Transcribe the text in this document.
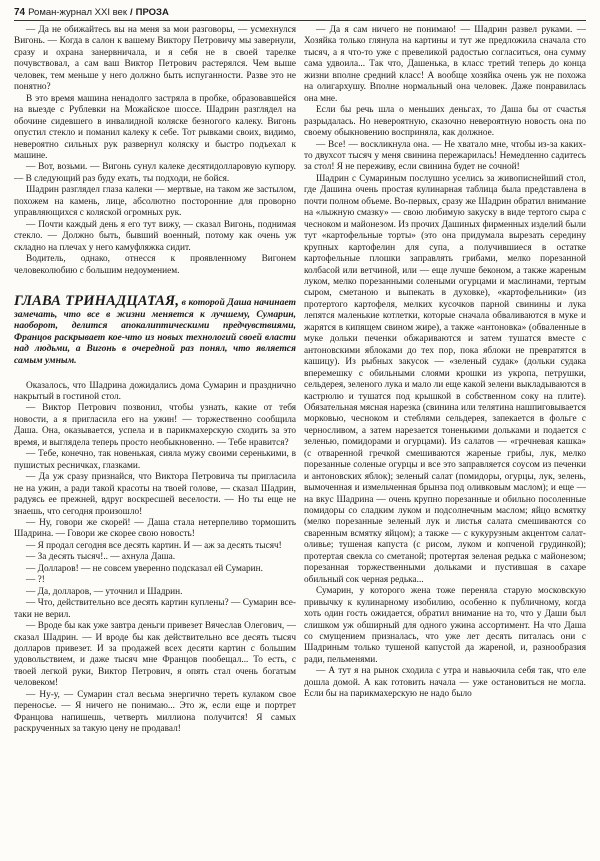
74 Роман-журнал XXI век / ПРОЗА

— Да не обижайтесь вы на меня за мои разговоры, — усмехнулся Вигонь. — Когда в салон к вашему Виктору Петровичу мы завернули, сразу и охрана занервничала, и я себя не в своей тарелке почувствовал, а сам ваш Виктор Петрович растерялся. Чем выше человек, тем меньше у него должно быть испуганности. Разве это не понятно?

В это время машина ненадолго застряла в пробке, образовавшейся на выезде с Рублевки на Можайское шоссе. Шадрин разглядел на обочине сидевшего в инвалидной коляске безногого калеку. Вигонь опустил стекло и поманил калеку к себе. Тот рывками своих, видимо, невероятно сильных рук развернул коляску и быстро подъехал к машине.

— Вот, возьми. — Вигонь сунул калеке десятидолларовую купюру. — В следующий раз буду ехать, ты подходи, не бойся.

Шадрин разглядел глаза калеки — мертвые, на таком же застылом, похожем на камень, лице, абсолютно посторонние для проворно управляющихся с коляской огромных рук.

— Почти каждый день я его тут вижу, — сказал Вигонь, поднимая стекло. — Должно быть, бывший военный, потому как очень уж складно на плечах у него камуфляжка сидит.

Водитель, однако, отнесся к проявленному Вигонем человеколюбию с большим недоумением.

ГЛАВА ТРИНАДЦАТАЯ, в которой Даша начинает замечать, что все в жизни меняется к лучшему, Сумарин, наоборот, делится апокалиптическими предчувствиями, Францов раскрывает кое-что из новых технологий своей власти над людьми, а Вигонь в очередной раз понял, что является самым умным.

Оказалось, что Шадрина дожидались дома Сумарин и празднично накрытый в гостиной стол.

— Виктор Петрович позвонил, чтобы узнать, какие от тебя новости, а я пригласила его на ужин! — торжественно сообщила Даша. Она, оказывается, успела и в парикмахерскую сходить за это время, и выглядела теперь просто необыкновенно. — Тебе нравится?

— Тебе, конечно, так новенькая, сияла мужу своими серенькими, в пушистых ресничках, глазками.

— Да уж сразу признайся, что Виктора Петровича ты пригласила не на ужин, а ради такой красоты на твоей голове, — сказал Шадрин, радуясь ее прежней, вдруг воскресшей веселости. — Но ты еще не знаешь, что сегодня произошло!

— Ну, говори же скорей! — Даша стала нетерпеливо тормошить Шадрина. — Говори же скорее свою новость!

— Я продал сегодня все десять картин. И — аж за десять тысяч!

— За десять тысяч!.. — ахнула Даша.

— Долларов! — не совсем уверенно подсказал ей Сумарин.

— ?!

— Да, долларов, — уточнил и Шадрин.

— Что, действительно все десять картин куплены? — Сумарин все-таки не верил.

— Вроде бы как уже завтра деньги привезет Вячеслав Олегович, — сказал Шадрин. — И вроде бы как действительно все десять тысяч долларов привезет. И за продажей всех десяти картин с большим удовольствием, и даже тысяч мне Францов пообещал... То есть, с твоей легкой руки, Виктор Петрович, я опять стал очень богатым человеком!

— Ну-у, — Сумарин стал весьма энергично тереть кулаком свое переносье. — Я ничего не понимаю... Это ж, если еще и портрет Францова напишешь, четверть миллиона получится! Я самых раскрученных за такую цену не продавал!

— Да я сам ничего не понимаю! — Шадрин развел руками. — Хозяйка только глянула на картины и тут же предложила сначала сто тысяч, а я что-то уже с превеликой радостью согласиться, она сумму сама удвоила... Так что, Дашенька, в класс третий теперь до конца жизни вполне средний класс! А вообще хозяйка очень уж не похожа на олигархушу. Вполне нормальный она человек. Даже понравилась она мне.

Если бы речь шла о меньших деньгах, то Даша бы от счастья разрыдалась. Но невероятную, сказочно невероятную новость она по своему обыкновению восприняла, как должное.

— Все! — воскликнула она. — Не хватало мне, чтобы из-за каких-то двухсот тысяч у меня свинина пережарилась! Немедленно садитесь за стол! Я не переживу, если свинина будет не сочной!

Шадрин с Сумариным послушно уселись за живописнейший стол, где Дашина очень простая кулинарная таблица была представлена в почти полном объеме. Во-первых, сразу же Шадрин обратил внимание на «лыжную смазку» — свою любимую закуску в виде тертого сыра с чесноком и майонезом. Из прочих Дашиных фирменных изделий были тут «картофельные торты» (это она придумала вырезать середину крупных картофелин для супа, а получившиеся в остатке картофельные плошки заправлять грибами, мелко порезанной колбасой или ветчиной, или — еще лучше беконом, а также жареным луком, мелко порезанными солеными огурцами и маслинами, тертым сыром, сметаною и выпекать в духовке), «картофельники» (из протертого картофеля, мелких кусочков парной свинины и лука лепятся маленькие котлетки, которые сначала обваливаются в муке и жарятся в кипящем свином жире), а также «антоновка» (обваленные в муке дольки печенки обжариваются и затем тушатся вместе с антоновскими яблоками до тех пор, пока яблоки не превратятся в кашицу). Из рыбных закусок — «зеленый судак» (дольки судака вперемешку с обильными слоями крошки из укропа, петрушки, сельдерея, зеленого лука и мало ли еще какой зелени выкладываются в кастрюлю и тушатся под крышкой в собственном соку на плите). Обязательная мясная нарезка (свинина или телятина нашпиговывается морковью, чесноком и стеблями сельдерея, запекается в фольге с черносливом, а затем нарезается тоненькими дольками и подается с зеленью, помидорами и огурцами). Из салатов — «гречневая кашка» (с отваренной гречкой смешиваются жареные грибы, лук, мелко порезанные соленые огурцы и все это заправляется соусом из печенки и антоновских яблок); зеленый салат (помидоры, огурцы, лук, зелень, вымоченная и измельченная брынза под оливковым маслом); и еще — на вкус Шадрина — очень крупно порезанные и обильно посоленные помидоры со сладким луком и подсолнечным маслом; яйцо всмятку (мелко порезанные зеленый лук и листья салата смешиваются со сваренным всмятку яйцом); а также — с кукурузным акцентом салат-оливье; тушеная капуста (с рисом, луком и копченой грудинкой); протертая свекла со сметаной; протертая зеленая редька с майонезом; порезанная торжественными дольками и пустившая в сахаре обильный сок черная редька...

Сумарин, у которого жена тоже переняла старую московскую привычку к кулинарному изобилию, особенно к публичному, когда хоть один гость ожидается, обратил внимание на то, что у Даши был слишком уж обширный для одного ужина ассортимент. На что Даша со смущением призналась, что уже лет десять питалась они с Шадриным только тушеной капустой да жареной, и, разнообразия ради, пельменями.

— А тут я на рынок сходила с утра и навьючила себя так, что еле дошла домой. А как готовить начала — уже остановиться не могла. Если бы на парикмахерскую не надо было
